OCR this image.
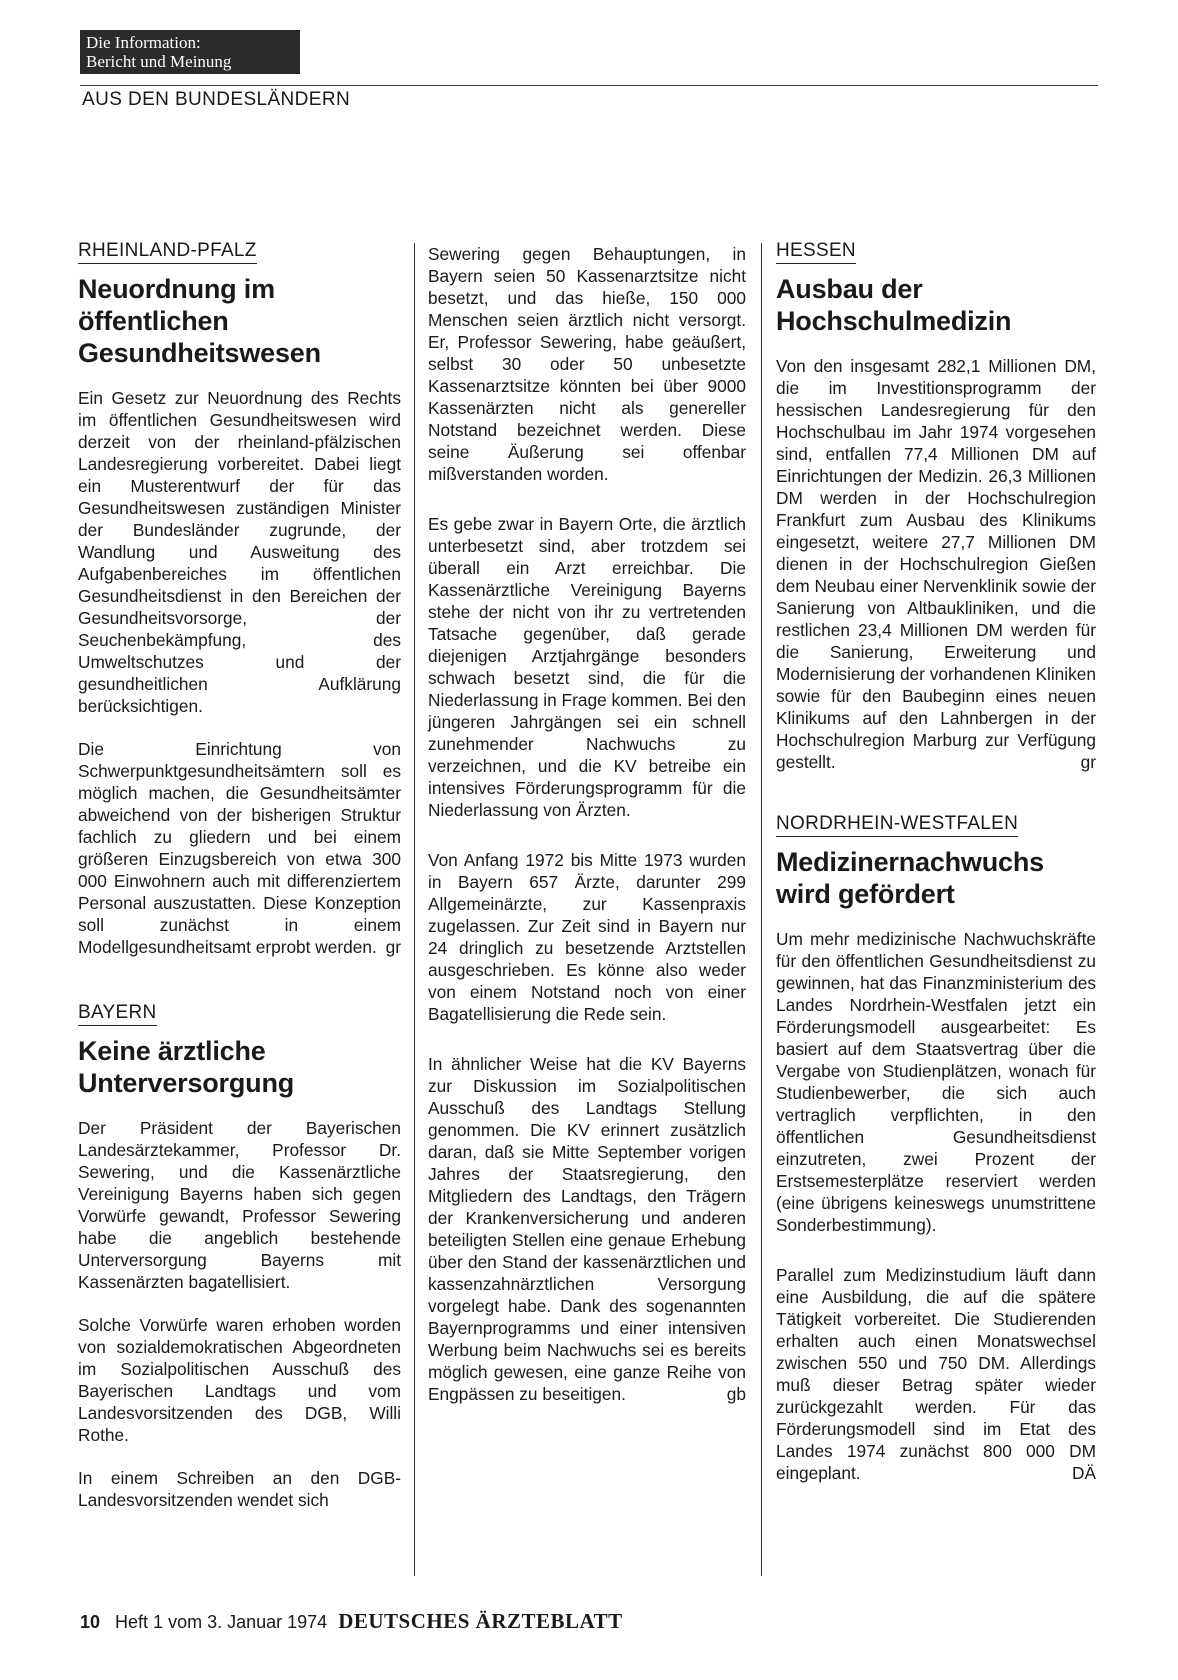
Die Information:
Bericht und Meinung
AUS DEN BUNDESLÄNDERN
RHEINLAND-PFALZ
Neuordnung im öffentlichen Gesundheitswesen

Ein Gesetz zur Neuordnung des Rechts im öffentlichen Gesundheitswesen wird derzeit von der rheinland-pfälzischen Landesregierung vorbereitet. Dabei liegt ein Musterentwurf der für das Gesundheitswesen zuständigen Minister der Bundesländer zugrunde, der Wandlung und Ausweitung des Aufgabenbereiches im öffentlichen Gesundheitsdienst in den Bereichen der Gesundheitsvorsorge, der Seuchenbekämpfung, des Umweltschutzes und der gesundheitlichen Aufklärung berücksichtigen.

Die Einrichtung von Schwerpunktgesundheitsämtern soll es möglich machen, die Gesundheitsämter abweichend von der bisherigen Struktur fachlich zu gliedern und bei einem größeren Einzugsbereich von etwa 300 000 Einwohnern auch mit differenziertem Personal auszustatten. Diese Konzeption soll zunächst in einem Modellgesundheitsamt erprobt werden. gr

BAYERN
Keine ärztliche Unterversorgung

Der Präsident der Bayerischen Landesärztekammer, Professor Dr. Sewering, und die Kassenärztliche Vereinigung Bayerns haben sich gegen Vorwürfe gewandt, Professor Sewering habe die angeblich bestehende Unterversorgung Bayerns mit Kassenärzten bagatellisiert.

Solche Vorwürfe waren erhoben worden von sozialdemokratischen Abgeordneten im Sozialpolitischen Ausschuß des Bayerischen Landtags und vom Landesvorsitzenden des DGB, Willi Rothe.

In einem Schreiben an den DGB-Landesvorsitzenden wendet sich

Sewering gegen Behauptungen, in Bayern seien 50 Kassenarztsitze nicht besetzt, und das hieße, 150 000 Menschen seien ärztlich nicht versorgt. Er, Professor Sewering, habe geäußert, selbst 30 oder 50 unbesetzte Kassenarztsitze könnten bei über 9000 Kassenärzten nicht als genereller Notstand bezeichnet werden. Diese seine Äußerung sei offenbar mißverstanden worden.

Es gebe zwar in Bayern Orte, die ärztlich unterbesetzt sind, aber trotzdem sei überall ein Arzt erreichbar. Die Kassenärztliche Vereinigung Bayerns stehe der nicht von ihr zu vertretenden Tatsache gegenüber, daß gerade diejenigen Arztjahrgänge besonders schwach besetzt sind, die für die Niederlassung in Frage kommen. Bei den jüngeren Jahrgängen sei ein schnell zunehmender Nachwuchs zu verzeichnen, und die KV betreibe ein intensives Förderungsprogramm für die Niederlassung von Ärzten.

Von Anfang 1972 bis Mitte 1973 wurden in Bayern 657 Ärzte, darunter 299 Allgemeinärzte, zur Kassenpraxis zugelassen. Zur Zeit sind in Bayern nur 24 dringlich zu besetzende Arztstellen ausgeschrieben. Es könne also weder von einem Notstand noch von einer Bagatellisierung die Rede sein.

In ähnlicher Weise hat die KV Bayerns zur Diskussion im Sozialpolitischen Ausschuß des Landtags Stellung genommen. Die KV erinnert zusätzlich daran, daß sie Mitte September vorigen Jahres der Staatsregierung, den Mitgliedern des Landtags, den Trägern der Krankenversicherung und anderen beteiligten Stellen eine genaue Erhebung über den Stand der kassenärztlichen und kassenzahnärztlichen Versorgung vorgelegt habe. Dank des sogenannten Bayernprogramms und einer intensiven Werbung beim Nachwuchs sei es bereits möglich gewesen, eine ganze Reihe von Engpässen zu beseitigen.	gb

HESSEN
Ausbau der Hochschulmedizin

Von den insgesamt 282,1 Millionen DM, die im Investitionsprogramm der hessischen Landesregierung für den Hochschulbau im Jahr 1974 vorgesehen sind, entfallen 77,4 Millionen DM auf Einrichtungen der Medizin. 26,3 Millionen DM werden in der Hochschulregion Frankfurt zum Ausbau des Klinikums eingesetzt, weitere 27,7 Millionen DM dienen in der Hochschulregion Gießen dem Neubau einer Nervenklinik sowie der Sanierung von Altbaukliniken, und die restlichen 23,4 Millionen DM werden für die Sanierung, Erweiterung und Modernisierung der vorhandenen Kliniken sowie für den Baubeginn eines neuen Klinikums auf den Lahnbergen in der Hochschulregion Marburg zur Verfügung gestellt.	gr

NORDRHEIN-WESTFALEN
Medizinernachwuchs wird gefördert

Um mehr medizinische Nachwuchskräfte für den öffentlichen Gesundheitsdienst zu gewinnen, hat das Finanzministerium des Landes Nordrhein-Westfalen jetzt ein Förderungsmodell ausgearbeitet: Es basiert auf dem Staatsvertrag über die Vergabe von Studienplätzen, wonach für Studienbewerber, die sich auch vertraglich verpflichten, in den öffentlichen Gesundheitsdienst einzutreten, zwei Prozent der Erstsemesterplätze reserviert werden (eine übrigens keineswegs unumstrittene Sonderbestimmung).

Parallel zum Medizinstudium läuft dann eine Ausbildung, die auf die spätere Tätigkeit vorbereitet. Die Studierenden erhalten auch einen Monatswechsel zwischen 550 und 750 DM. Allerdings muß dieser Betrag später wieder zurückgezahlt werden. Für das Förderungsmodell sind im Etat des Landes 1974 zunächst 800 000 DM eingeplant.	DÄ

10 Heft 1 vom 3. Januar 1974 DEUTSCHES ÄRZTEBLATT
